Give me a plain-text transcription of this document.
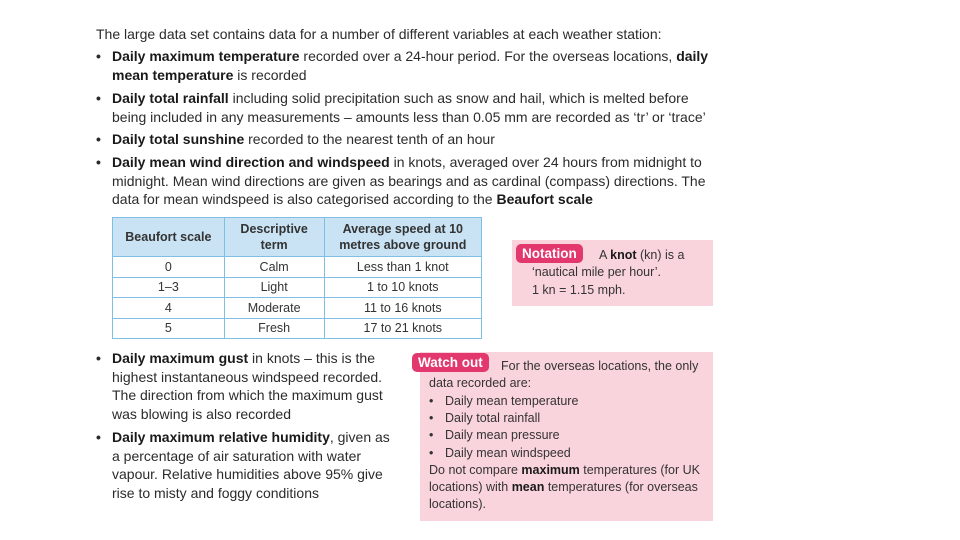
The large data set contains data for a number of different variables at each weather station:

• Daily maximum temperature recorded over a 24-hour period. For the overseas locations, daily mean temperature is recorded
• Daily total rainfall including solid precipitation such as snow and hail, which is melted before being included in any measurements – amounts less than 0.05 mm are recorded as ‘tr’ or ‘trace’
• Daily total sunshine recorded to the nearest tenth of an hour
• Daily mean wind direction and windspeed in knots, averaged over 24 hours from midnight to midnight. Mean wind directions are given as bearings and as cardinal (compass) directions. The data for mean windspeed is also categorised according to the Beaufort scale
• Daily maximum gust in knots – this is the highest instantaneous windspeed recorded. The direction from which the maximum gust was blowing is also recorded
• Daily maximum relative humidity, given as a percentage of air saturation with water vapour. Relative humidities above 95% give rise to misty and foggy conditions
Beaufort scale	Descriptive term	Average speed at 10 metres above ground
0	Calm	Less than 1 knot
1–3	Light	1 to 10 knots
4	Moderate	11 to 16 knots
5	Fresh	17 to 21 knots
Notation	A knot (kn) is a
‘nautical mile per hour’.
1 kn = 1.15 mph.
Watch out	For the overseas locations, the only
data recorded are:
• Daily mean temperature
• Daily total rainfall
• Daily mean pressure
• Daily mean windspeed
Do not compare maximum temperatures (for UK locations) with mean temperatures (for overseas locations).
